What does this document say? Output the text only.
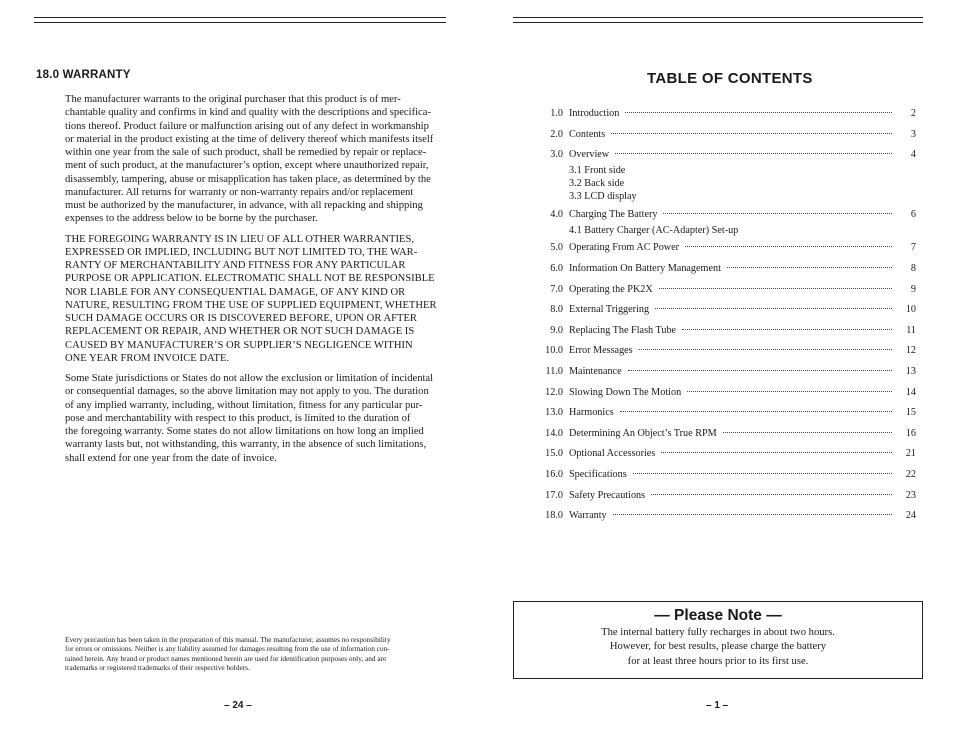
18.0 WARRANTY

The manufacturer warrants to the original purchaser that this product is of mer-
chantable quality and confirms in kind and quality with the descriptions and specifica-
tions thereof. Product failure or malfunction arising out of any defect in workmanship
or material in the product existing at the time of delivery thereof which manifests itself
within one year from the sale of such product, shall be remedied by repair or replace-
ment of such product, at the manufacturer’s option, except where unauthorized repair,
disassembly, tampering, abuse or misapplication has taken place, as determined by the
manufacturer. All returns for warranty or non-warranty repairs and/or replacement
must be authorized by the manufacturer, in advance, with all repacking and shipping
expenses to the address below to be borne by the purchaser.

THE FOREGOING WARRANTY IS IN LIEU OF ALL OTHER WARRANTIES,
EXPRESSED OR IMPLIED, INCLUDING BUT NOT LIMITED TO, THE WAR-
RANTY OF MERCHANTABILITY AND FITNESS FOR ANY PARTICULAR
PURPOSE OR APPLICATION. ELECTROMATIC SHALL NOT BE RESPONSIBLE
NOR LIABLE FOR ANY CONSEQUENTIAL DAMAGE, OF ANY KIND OR
NATURE, RESULTING FROM THE USE OF SUPPLIED EQUIPMENT, WHETHER
SUCH DAMAGE OCCURS OR IS DISCOVERED BEFORE, UPON OR AFTER
REPLACEMENT OR REPAIR, AND WHETHER OR NOT SUCH DAMAGE IS
CAUSED BY MANUFACTURER’S OR SUPPLIER’S NEGLIGENCE WITHIN
ONE YEAR FROM INVOICE DATE.

Some State jurisdictions or States do not allow the exclusion or limitation of incidental
or consequential damages, so the above limitation may not apply to you. The duration
of any implied warranty, including, without limitation, fitness for any particular pur-
pose and merchantability with respect to this product, is limited to the duration of
the foregoing warranty. Some states do not allow limitations on how long an implied
warranty lasts but, not withstanding, this warranty, in the absence of such limitations,
shall extend for one year from the date of invoice.

Every precaution has been taken in the preparation of this manual. The manufacturer, assumes no responsibility
for errors or omissions. Neither is any liability assumed for damages resulting from the use of information con-
tained herein. Any brand or product names mentioned herein are used for identification purposes only, and are
trademarks or registered trademarks of their respective holders.
– 24 –
TABLE OF CONTENTS
1.0 Introduction	2
2.0 Contents	3
3.0 Overview	4
3.1 Front side
3.2 Back side
3.3 LCD display
4.0 Charging The Battery	6
4.1 Battery Charger (AC-Adapter) Set-up
5.0 Operating From AC Power	7
6.0 Information On Battery Management	8
7.0 Operating the PK2X	9
8.0 External Triggering	10
9.0 Replacing The Flash Tube	11
10.0 Error Messages	12
11.0 Maintenance	13
12.0 Slowing Down The Motion	14
13.0 Harmonics	15
14.0 Determining An Object’s True RPM	16
15.0 Optional Accessories	21
16.0 Specifications	22
17.0 Safety Precautions	23
18.0 Warranty	24
— Please Note —
The internal battery fully recharges in about two hours.
However, for best results, please charge the battery
for at least three hours prior to its first use.
– 1 –
